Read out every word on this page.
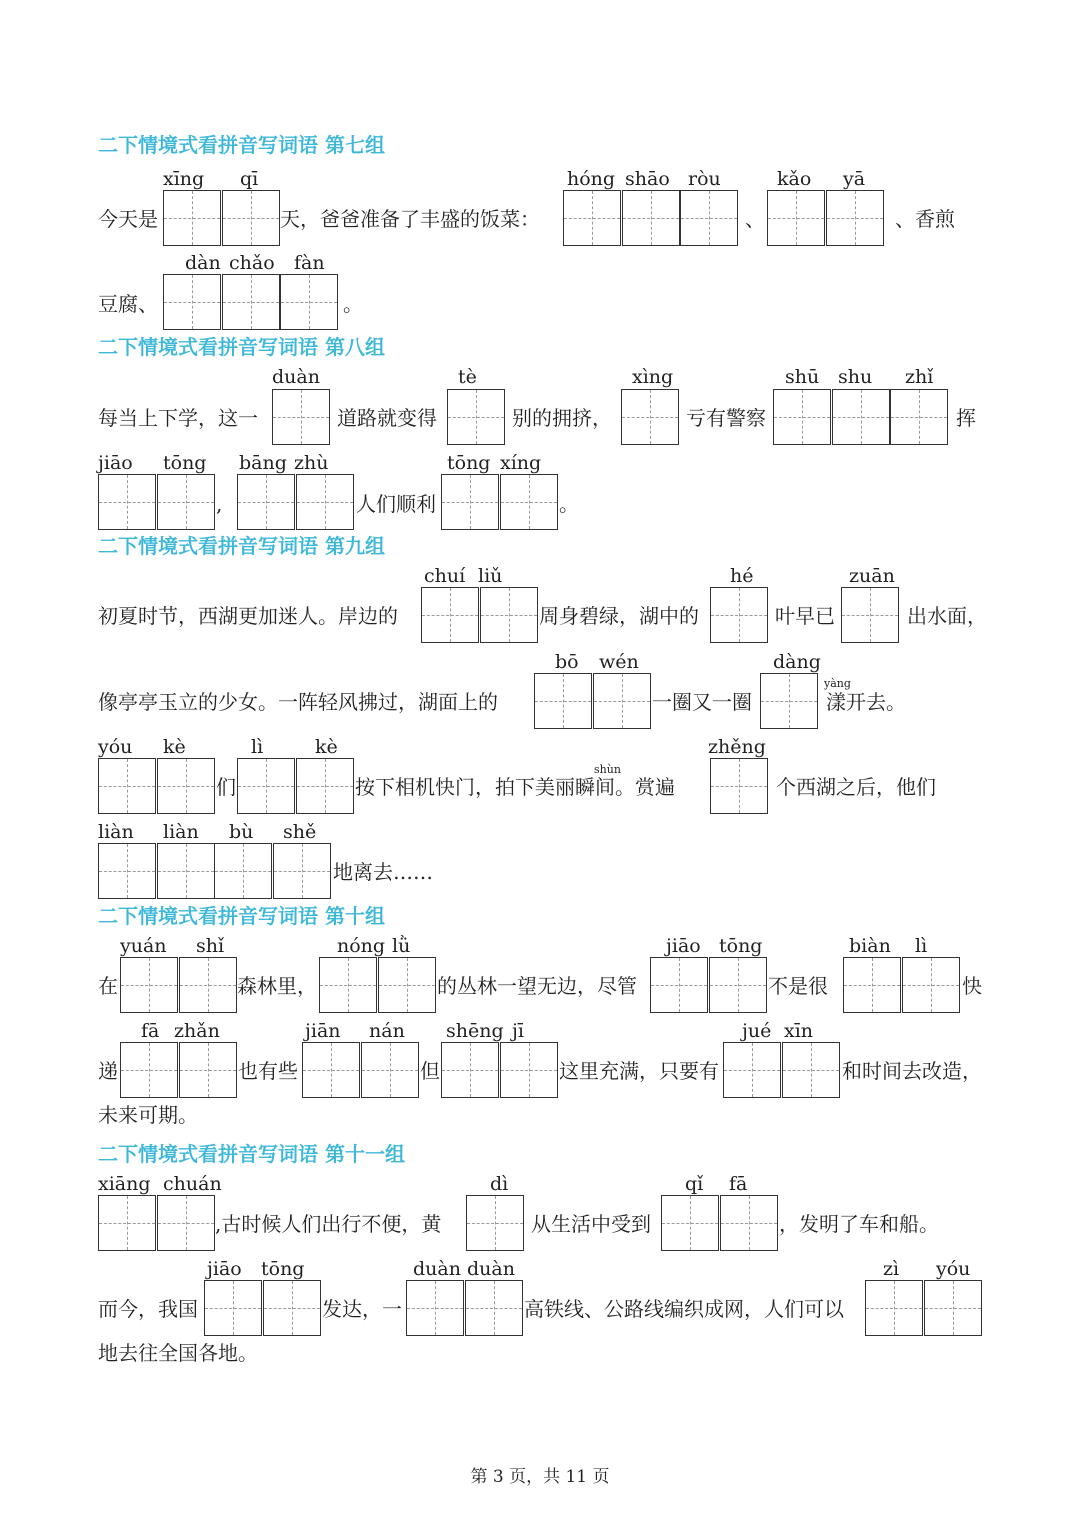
二下情境式看拼音写词语 第七组
xīng qī	hóng shāo ròu	kǎo yā
今天是	天，爸爸准备了丰盛的饭菜：	、	、香煎
dàn chǎo fàn
豆腐、	。
二下情境式看拼音写词语 第八组
duàn	tè	xìng	shū shu zhǐ
每当上下学，这一	道路就变得	别的拥挤，	亏有警察	挥
jiāo tōng bāng zhù	tōng xíng
,	人们顺利	。
二下情境式看拼音写词语 第九组
chuí liǔ	hé	zuān
初夏时节，西湖更加迷人。岸边的	周身碧绿，湖中的	叶早已	出水面，
bō wén	dàng
像亭亭玉立的少女。一阵轻风拂过，湖面上的	一圈又一圈
yàng
漾开去。
yóu kè	lì	kè	zhěng
们
shùn
按下相机快门，拍下美丽瞬间。赏遍	个西湖之后，他们
liàn liàn bù shě
地离去……
二下情境式看拼音写词语 第十组
yuán shǐ	nóng lǜ	jiāo tōng	biàn lì
在	森林里，	的丛林一望无边，尽管	不是很	快
fā zhǎn	jiān nán shēng jī	jué xīn
递	也有些	但	这里充满，只要有	和时间去改造，
未来可期。
二下情境式看拼音写词语 第十一组
xiāng chuán	dì	qǐ fā
,古时候人们出行不便，黄	从生活中受到	，发明了车和船。
jiāo tōng	duàn duàn	zì yóu
而今，我国	发达，一	高铁线、公路线编织成网，人们可以
地去往全国各地。
第 3 页，共 11 页
